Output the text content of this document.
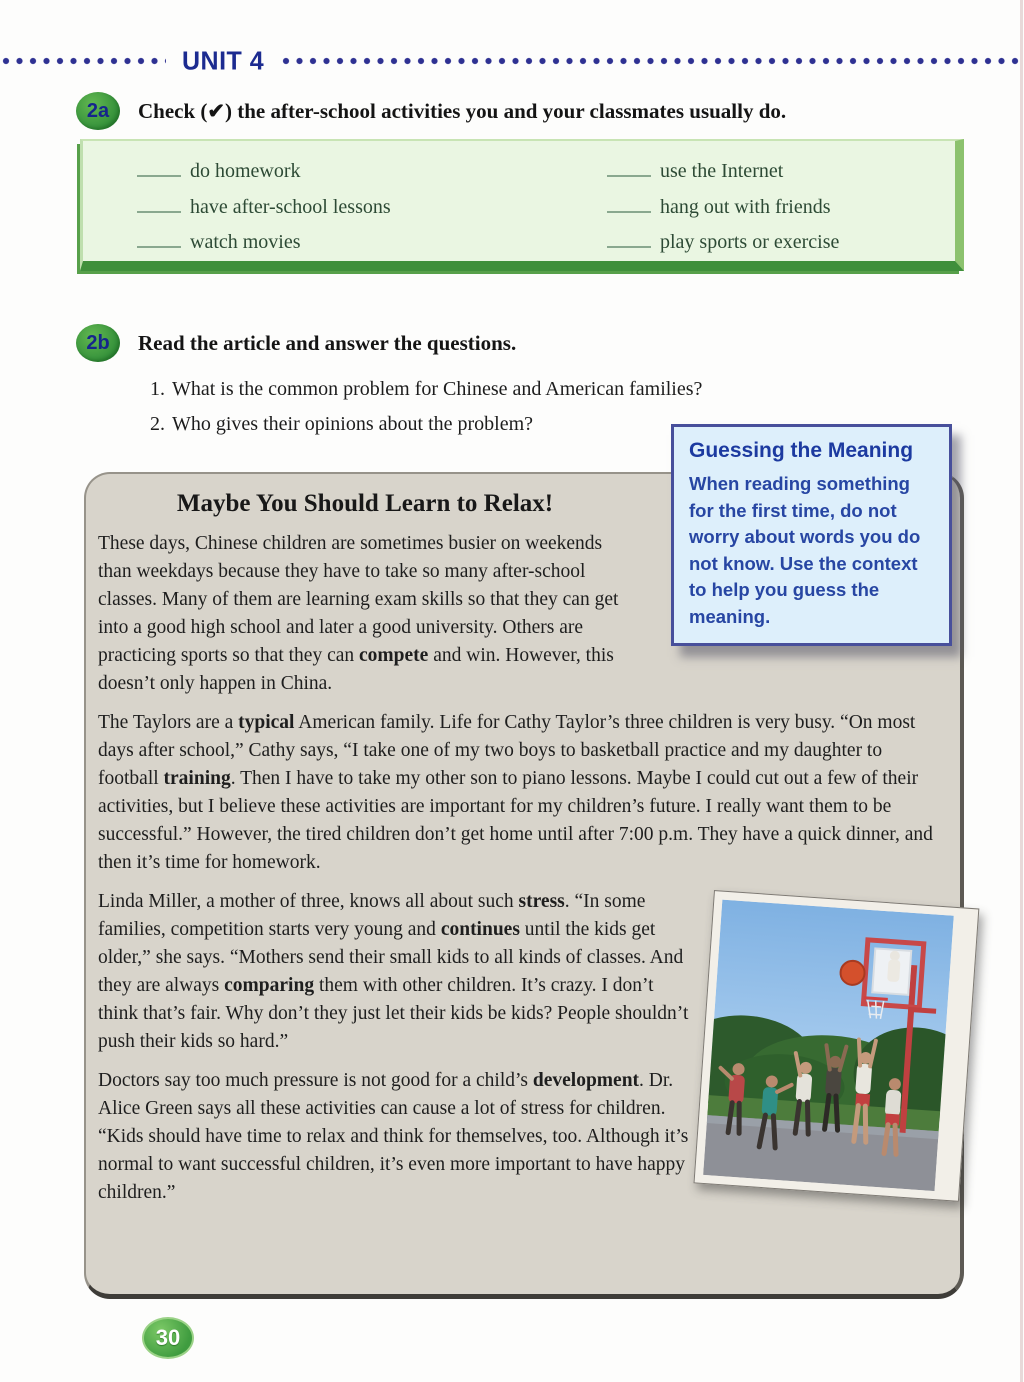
UNIT 4
2a	Check (✔) the after-school activities you and your classmates usually do.
do homework
have after-school lessons
watch movies
use the Internet
hang out with friends
play sports or exercise
2b	Read the article and answer the questions.
1. What is the common problem for Chinese and American families?
2. Who gives their opinions about the problem?
Guessing the Meaning

When reading something for the first time, do not worry about words you do not know. Use the context to help you guess the meaning.

Maybe You Should Learn to Relax!

These days, Chinese children are sometimes busier on weekends than weekdays because they have to take so many after-school classes. Many of them are learning exam skills so that they can get into a good high school and later a good university. Others are practicing sports so that they can compete and win. However, this doesn’t only happen in China.

The Taylors are a typical American family. Life for Cathy Taylor’s three children is very busy. “On most days after school,” Cathy says, “I take one of my two boys to basketball practice and my daughter to football training. Then I have to take my other son to piano lessons. Maybe I could cut out a few of their activities, but I believe these activities are important for my children’s future. I really want them to be successful.” However, the tired children don’t get home until after 7:00 p.m. They have a quick dinner, and then it’s time for homework.

Linda Miller, a mother of three, knows all about such stress. “In some families, competition starts very young and continues until the kids get older,” she says. “Mothers send their small kids to all kinds of classes. And they are always comparing them with other children. It’s crazy. I don’t think that’s fair. Why don’t they just let their kids be kids? People shouldn’t push their kids so hard.”

Doctors say too much pressure is not good for a child’s development. Dr. Alice Green says all these activities can cause a lot of stress for children. “Kids should have time to relax and think for themselves, too. Although it’s normal to want successful children, it’s even more important to have happy children.”

30
